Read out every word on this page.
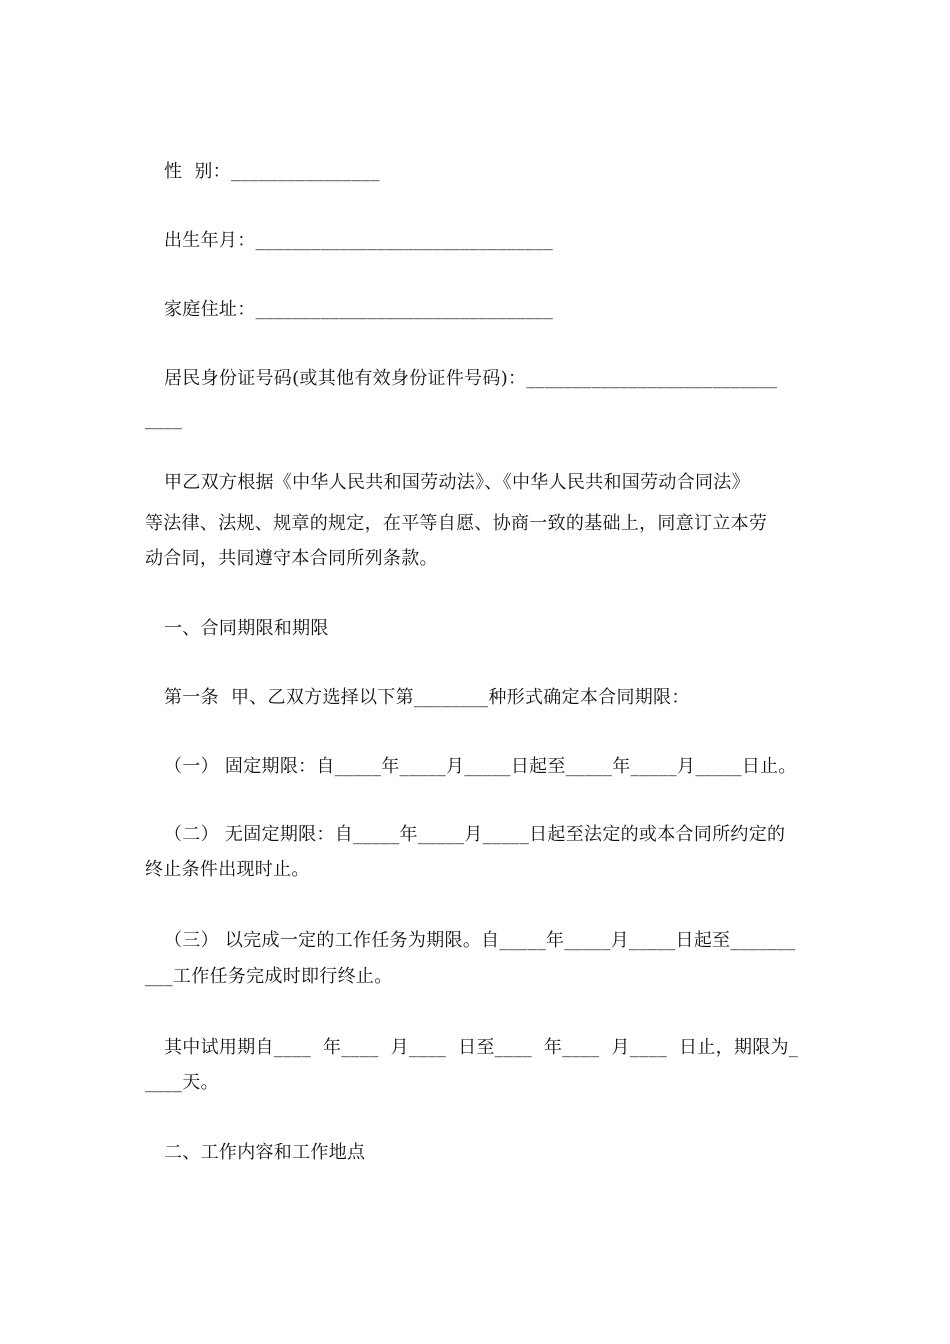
性  别：________________
出生年月：________________________________
家庭住址：________________________________
居民身份证号码(或其他有效身份证件号码)：___________________________
____
甲乙双方根据《中华人民共和国劳动法》、《中华人民共和国劳动合同法》
等法律、法规、规章的规定，在平等自愿、协商一致的基础上，同意订立本劳
动合同，共同遵守本合同所列条款。
一、合同期限和期限
第一条  甲、乙双方选择以下第________种形式确定本合同期限：
（一） 固定期限：自_____年_____月_____日起至_____年_____月_____日止。
（二） 无固定期限：自_____年_____月_____日起至法定的或本合同所约定的
终止条件出现时止。
（三） 以完成一定的工作任务为期限。自_____年_____月_____日起至_______
___工作任务完成时即行终止。
其中试用期自____  年____  月____  日至____  年____  月____  日止，期限为_
____天。
二、工作内容和工作地点
